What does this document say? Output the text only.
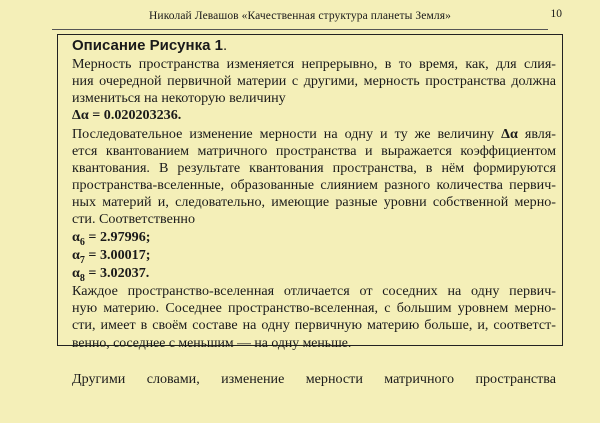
Николай Левашов «Качественная структура планеты Земля»	10
Описание Рисунка 1.
Мерность пространства изменяется непрерывно, в то время, как, для слия-
ния очередной первичной материи с другими, мерность пространства должна
измениться на некоторую величину
Δα = 0.020203236.
Последовательное изменение мерности на одну и ту же величину Δα явля-
ется квантованием матричного пространства и выражается коэффициентом
квантования. В результате квантования пространства, в нём формируются
пространства-вселенные, образованные слиянием разного количества первич-
ных материй и, следовательно, имеющие разные уровни собственной мерно-
сти. Соответственно
$\alpha_6 = 2.97996$;
$\alpha_7 = 3.00017$;
$\alpha_8 = 3.02037$.
Каждое пространство-вселенная отличается от соседних на одну первич-
ную материю. Соседнее пространство-вселенная, с большим уровнем мерно-
сти, имеет в своём составе на одну первичную материю больше, и, соответст-
венно, соседнее с меньшим — на одну меньше.
Другими словами, изменение мерности матричного пространства
